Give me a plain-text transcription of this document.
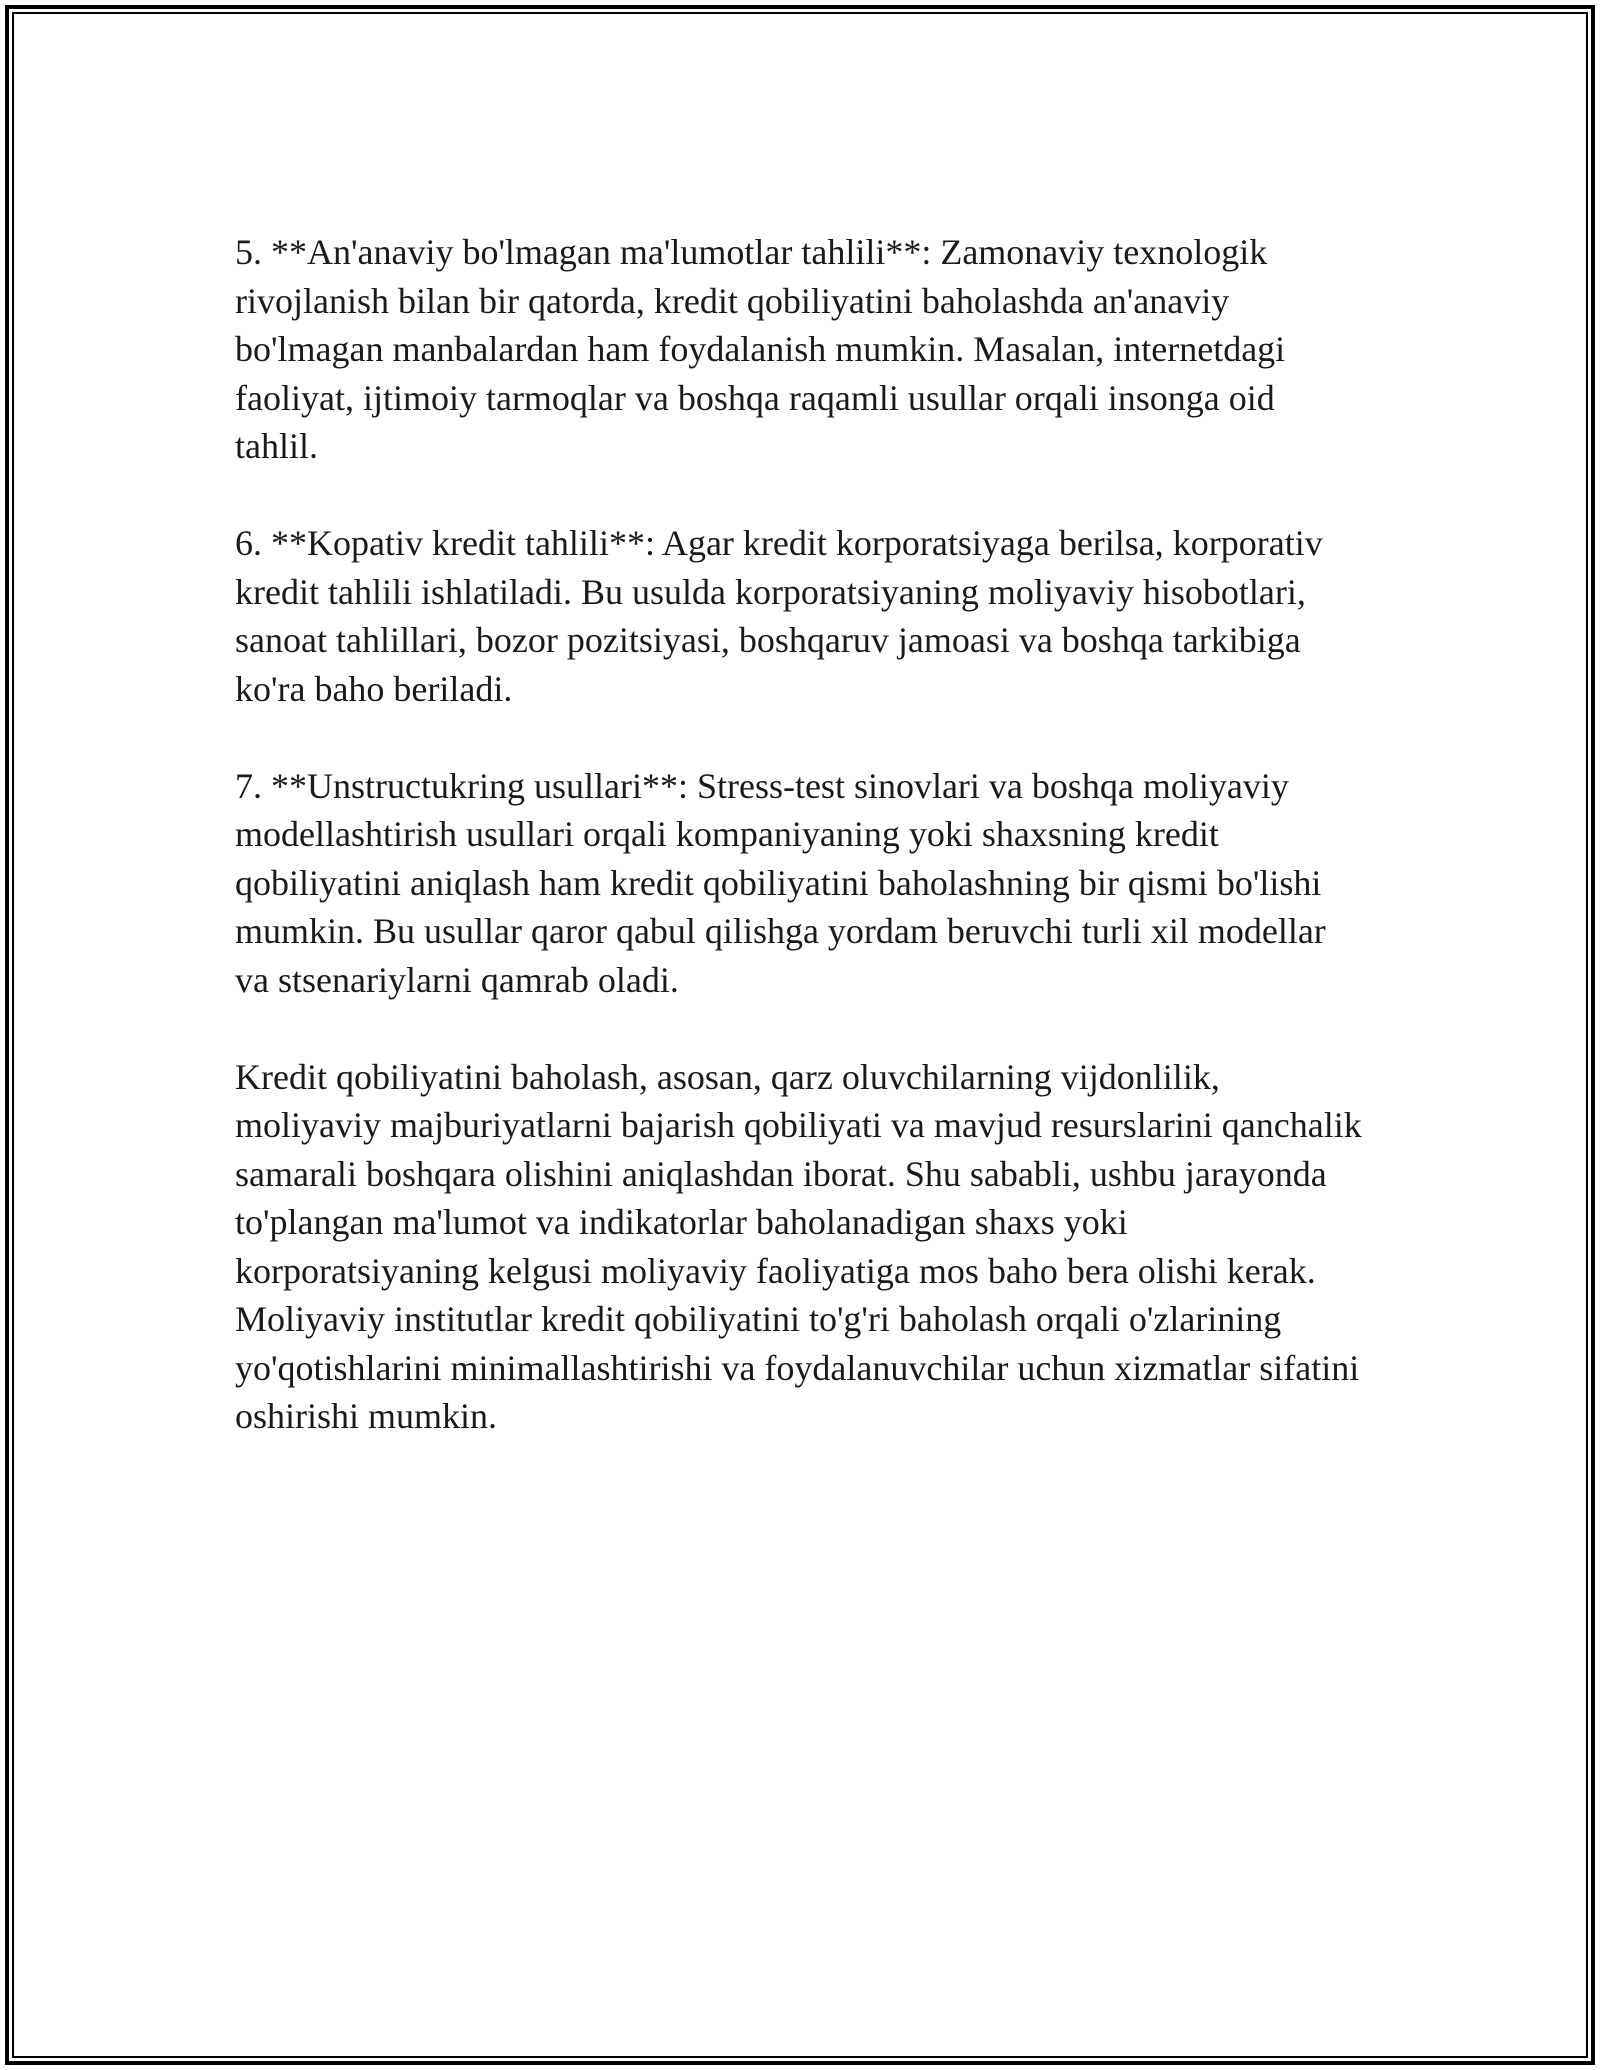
5. **An'anaviy bo'lmagan ma'lumotlar tahlili**: Zamonaviy texnologik rivojlanish bilan bir qatorda, kredit qobiliyatini baholashda an'anaviy bo'lmagan manbalardan ham foydalanish mumkin. Masalan, internetdagi faoliyat, ijtimoiy tarmoqlar va boshqa raqamli usullar orqali insonga oid tahlil.

6. **Kopativ kredit tahlili**: Agar kredit korporatsiyaga berilsa, korporativ kredit tahlili ishlatiladi. Bu usulda korporatsiyaning moliyaviy hisobotlari, sanoat tahlillari, bozor pozitsiyasi, boshqaruv jamoasi va boshqa tarkibiga ko'ra baho beriladi.

7. **Unstructukring usullari**: Stress-test sinovlari va boshqa moliyaviy modellashtirish usullari orqali kompaniyaning yoki shaxsning kredit qobiliyatini aniqlash ham kredit qobiliyatini baholashning bir qismi bo'lishi mumkin. Bu usullar qaror qabul qilishga yordam beruvchi turli xil modellar va stsenariylarni qamrab oladi.

Kredit qobiliyatini baholash, asosan, qarz oluvchilarning vijdonlilik, moliyaviy majburiyatlarni bajarish qobiliyati va mavjud resurslarini qanchalik samarali boshqara olishini aniqlashdan iborat. Shu sababli, ushbu jarayonda to'plangan ma'lumot va indikatorlar baholanadigan shaxs yoki korporatsiyaning kelgusi moliyaviy faoliyatiga mos baho bera olishi kerak. Moliyaviy institutlar kredit qobiliyatini to'g'ri baholash orqali o'zlarining yo'qotishlarini minimallashtirishi va foydalanuvchilar uchun xizmatlar sifatini oshirishi mumkin.
